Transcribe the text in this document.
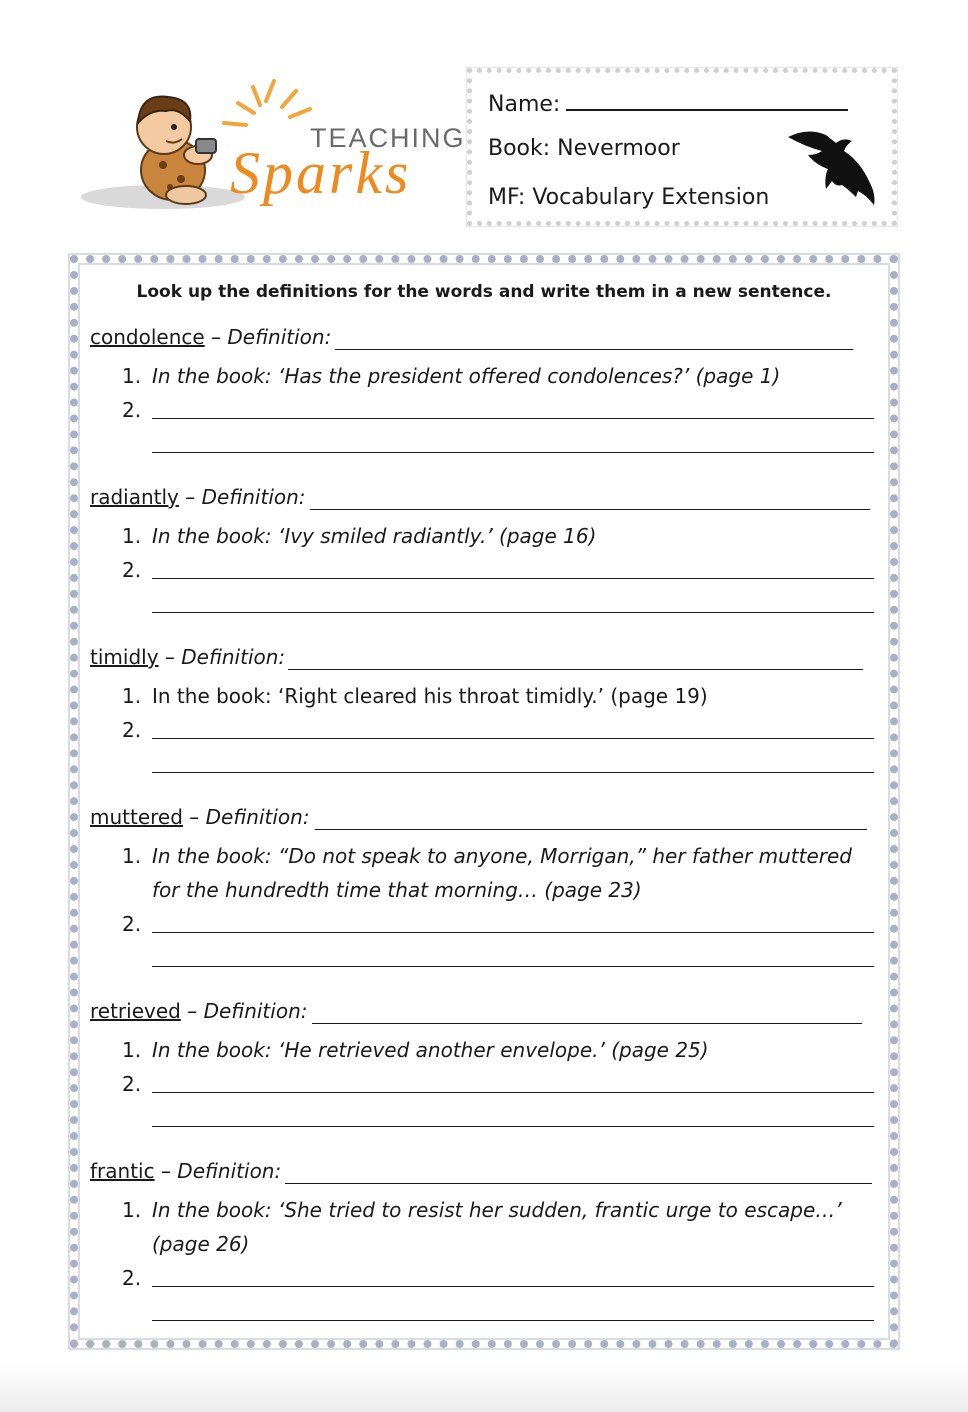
TEACHING
Sparks
Name:
Book: Nevermoor
MF: Vocabulary Extension
Look up the definitions for the words and write them in a new sentence.
condolence – Definition:
1. In the book: ‘Has the president offered condolences?’ (page 1)
2.
radiantly – Definition:
1. In the book: ‘Ivy smiled radiantly.’ (page 16)
2.
timidly – Definition:
1. In the book: ‘Right cleared his throat timidly.’ (page 19)
2.
muttered – Definition:
1. In the book: “Do not speak to anyone, Morrigan,” her father muttered for the hundredth time that morning… (page 23)
2.
retrieved – Definition:
1. In the book: ‘He retrieved another envelope.’ (page 25)
2.
frantic – Definition:
1. In the book: ‘She tried to resist her sudden, frantic urge to escape…’ (page 26)
2.
